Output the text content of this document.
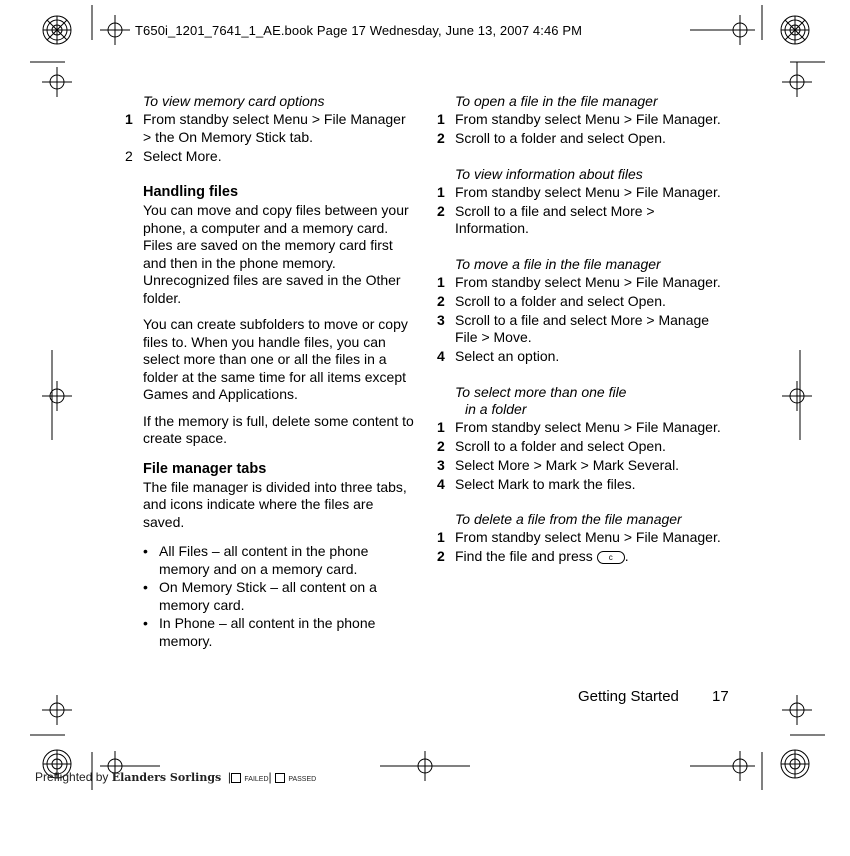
T650i_1201_7641_1_AE.book Page 17 Wednesday, June 13, 2007 4:46 PM
To view memory card options
1 From standby select Menu > File Manager > the On Memory Stick tab.
2 Select More.
Handling files
You can move and copy files between your phone, a computer and a memory card. Files are saved on the memory card first and then in the phone memory. Unrecognized files are saved in the Other folder.
You can create subfolders to move or copy files to. When you handle files, you can select more than one or all the files in a folder at the same time for all items except Games and Applications.
If the memory is full, delete some content to create space.
File manager tabs
The file manager is divided into three tabs, and icons indicate where the files are saved.
• All Files – all content in the phone memory and on a memory card.
• On Memory Stick – all content on a memory card.
• In Phone – all content in the phone memory.
To open a file in the file manager
1 From standby select Menu > File Manager.
2 Scroll to a folder and select Open.
To view information about files
1 From standby select Menu > File Manager.
2 Scroll to a file and select More > Information.
To move a file in the file manager
1 From standby select Menu > File Manager.
2 Scroll to a folder and select Open.
3 Scroll to a file and select More > Manage File > Move.
4 Select an option.
To select more than one file
in a folder
1 From standby select Menu > File Manager.
2 Scroll to a folder and select Open.
3 Select More > Mark > Mark Several.
4 Select Mark to mark the files.
To delete a file from the file manager
1 From standby select Menu > File Manager.
2 Find the file and press c .
Getting Started 17
Preflighted by Elanders Sorlings  | FAILED|  PASSED
